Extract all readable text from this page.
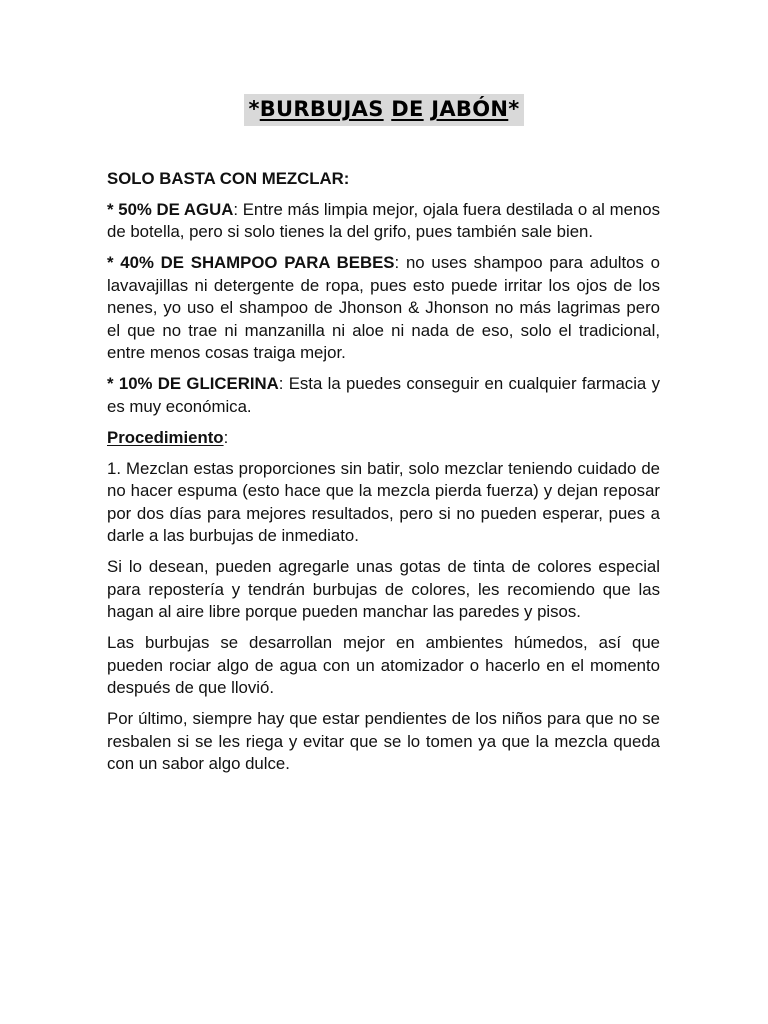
*BURBUJAS DE JABÓN*

SOLO BASTA CON MEZCLAR:

* 50% DE AGUA: Entre más limpia mejor, ojala fuera destilada o al menos de botella, pero si solo tienes la del grifo, pues también sale bien.

* 40% DE SHAMPOO PARA BEBES: no uses shampoo para adultos o lavavajillas ni detergente de ropa, pues esto puede irritar los ojos de los nenes, yo uso el shampoo de Jhonson & Jhonson no más lagrimas pero el que no trae ni manzanilla ni aloe ni nada de eso, solo el tradicional, entre menos cosas traiga mejor.

* 10% DE GLICERINA: Esta la puedes conseguir en cualquier farmacia y es muy económica.

Procedimiento:

1. Mezclan estas proporciones sin batir, solo mezclar teniendo cuidado de no hacer espuma (esto hace que la mezcla pierda fuerza) y dejan reposar por dos días para mejores resultados, pero si no pueden esperar, pues a darle a las burbujas de inmediato.

Si lo desean, pueden agregarle unas gotas de tinta de colores especial para repostería y tendrán burbujas de colores, les recomiendo que las hagan al aire libre porque pueden manchar las paredes y pisos.

Las burbujas se desarrollan mejor en ambientes húmedos, así que pueden rociar algo de agua con un atomizador o hacerlo en el momento después de que llovió.

Por último, siempre hay que estar pendientes de los niños para que no se resbalen si se les riega y evitar que se lo tomen ya que la mezcla queda con un sabor algo dulce.
